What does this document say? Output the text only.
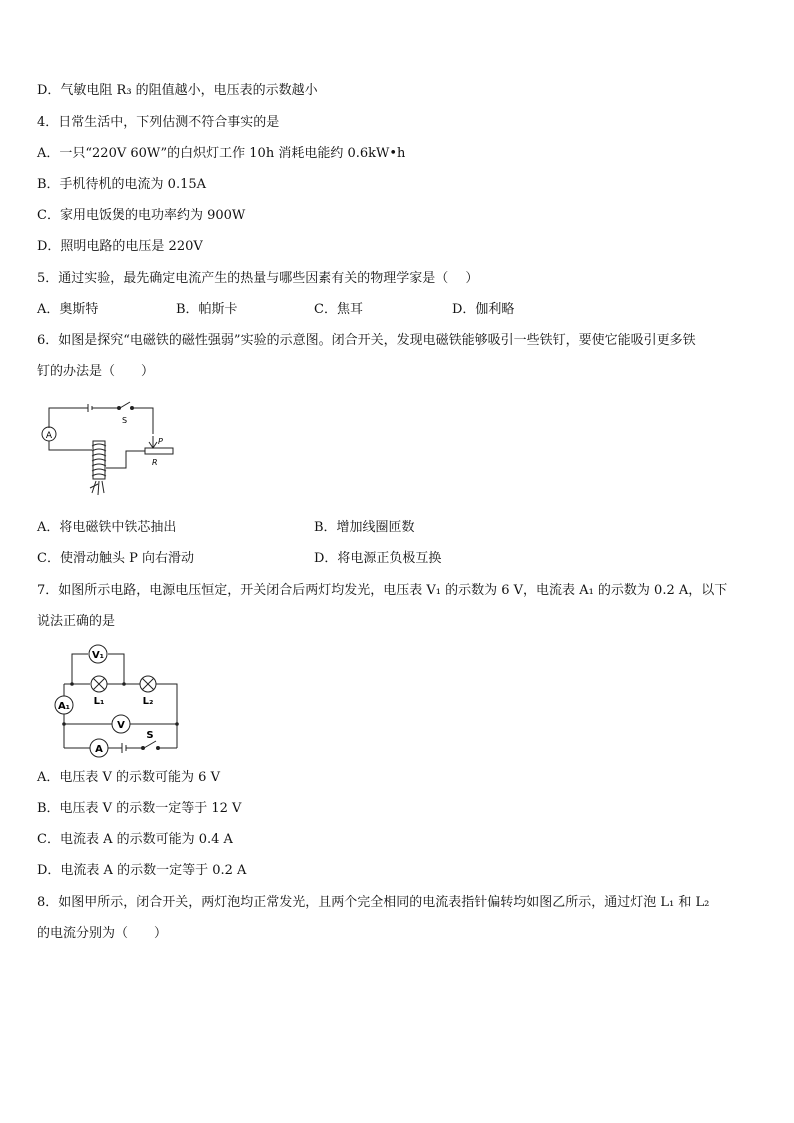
D．气敏电阻 R₃ 的阻值越小，电压表的示数越小
4．日常生活中，下列估测不符合事实的是
A．一只“220V 60W”的白炽灯工作 10h 消耗电能约 0.6kW•h
B．手机待机的电流为 0.15A
C．家用电饭煲的电功率约为 900W
D．照明电路的电压是 220V
5．通过实验，最先确定电流产生的热量与哪些因素有关的物理学家是（　 ）
A．奥斯特	B．帕斯卡	C．焦耳	D．伽利略
6．如图是探究“电磁铁的磁性强弱”实验的示意图。闭合开关，发现电磁铁能够吸引一些铁钉，要使它能吸引更多铁
钉的办法是（　　）
A
S
P
R
A．将电磁铁中铁芯抽出	B．增加线圈匝数
C．使滑动触头 P 向右滑动	D．将电源正负极互换
7．如图所示电路，电源电压恒定，开关闭合后两灯均发光，电压表 V₁ 的示数为 6 V，电流表 A₁ 的示数为 0.2 A，以下
说法正确的是
V₁
L₁	L₂
A₁
V
A
S
A．电压表 V 的示数可能为 6 V
B．电压表 V 的示数一定等于 12 V
C．电流表 A 的示数可能为 0.4 A
D．电流表 A 的示数一定等于 0.2 A
8．如图甲所示，闭合开关，两灯泡均正常发光，且两个完全相同的电流表指针偏转均如图乙所示，通过灯泡 L₁ 和 L₂
的电流分别为（　　）
